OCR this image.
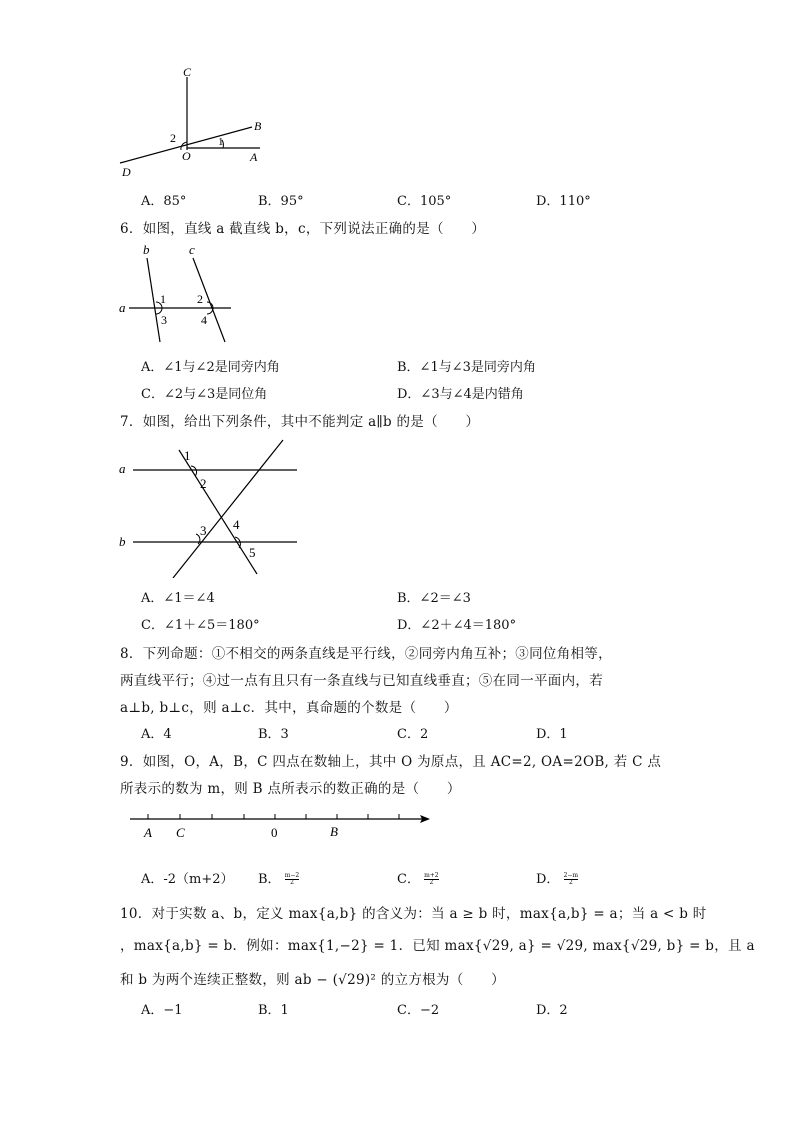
C
B
D
O	A
2	1
A．85°	B．95°	C．105°	D．110°
6．如图，直线 a 截直线 b，c，下列说法正确的是（　　）
b	c
a
1	2
3	4
A．∠1与∠2是同旁内角	B．∠1与∠3是同旁内角
C．∠2与∠3是同位角	D．∠3与∠4是内错角
7．如图，给出下列条件，其中不能判定 a∥b 的是（　　）
a
b
1
2
3 4
5
A．∠1＝∠4	B．∠2＝∠3
C．∠1＋∠5＝180°	D．∠2＋∠4＝180°
8．下列命题：①不相交的两条直线是平行线，②同旁内角互补；③同位角相等，
两直线平行；④过一点有且只有一条直线与已知直线垂直；⑤在同一平面内，若
a⊥b, b⊥c，则 a⊥c．其中，真命题的个数是（　　）
A．4	B．3	C．2	D．1
9．如图，O，A，B，C 四点在数轴上，其中 O 为原点，且 AC=2, OA=2OB, 若 C 点
所表示的数为 m，则 B 点所表示的数正确的是（　　）
A C	0	B
A．-2（m+2） B． $\frac{m-2}{2}$	C． $\frac{m+2}{2}$	D． $\frac{2-m}{2}$
10．对于实数 a、b，定义 max{a,b} 的含义为：当 a ≥ b 时，max{a,b} = a；当 a < b 时
，max{a,b} = b．例如：max{1,−2} = 1．已知 max{√29, a} = √29, max{√29, b} = b，且 a
和 b 为两个连续正整数，则 ab − (√29)² 的立方根为（　　）
A．−1	B．1	C．−2	D．2
